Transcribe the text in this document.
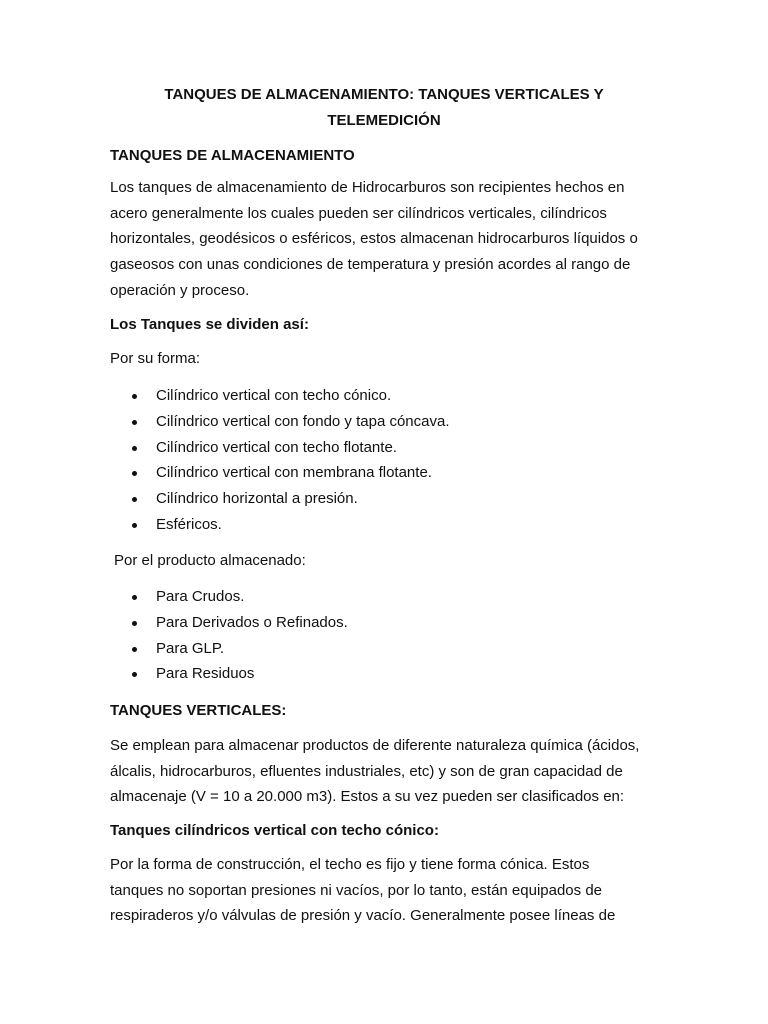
TANQUES DE ALMACENAMIENTO: TANQUES VERTICALES Y
TELEMEDICIÓN
TANQUES DE ALMACENAMIENTO

Los tanques de almacenamiento de Hidrocarburos son recipientes hechos en
acero generalmente los cuales pueden ser cilíndricos verticales, cilíndricos
horizontales, geodésicos o esféricos, estos almacenan hidrocarburos líquidos o
gaseosos con unas condiciones de temperatura y presión acordes al rango de
operación y proceso.

Los Tanques se dividen así:

Por su forma:

Cilíndrico vertical con techo cónico.
Cilíndrico vertical con fondo y tapa cóncava.
Cilíndrico vertical con techo flotante.
Cilíndrico vertical con membrana flotante.
Cilíndrico horizontal a presión.
Esféricos.

Por el producto almacenado:

Para Crudos.
Para Derivados o Refinados.
Para GLP.
Para Residuos
TANQUES VERTICALES:

Se emplean para almacenar productos de diferente naturaleza química (ácidos,
álcalis, hidrocarburos, efluentes industriales, etc) y son de gran capacidad de
almacenaje (V = 10 a 20.000 m3). Estos a su vez pueden ser clasificados en:

Tanques cilíndricos vertical con techo cónico:

Por la forma de construcción, el techo es fijo y tiene forma cónica. Estos
tanques no soportan presiones ni vacíos, por lo tanto, están equipados de
respiraderos y/o válvulas de presión y vacío. Generalmente posee líneas de
